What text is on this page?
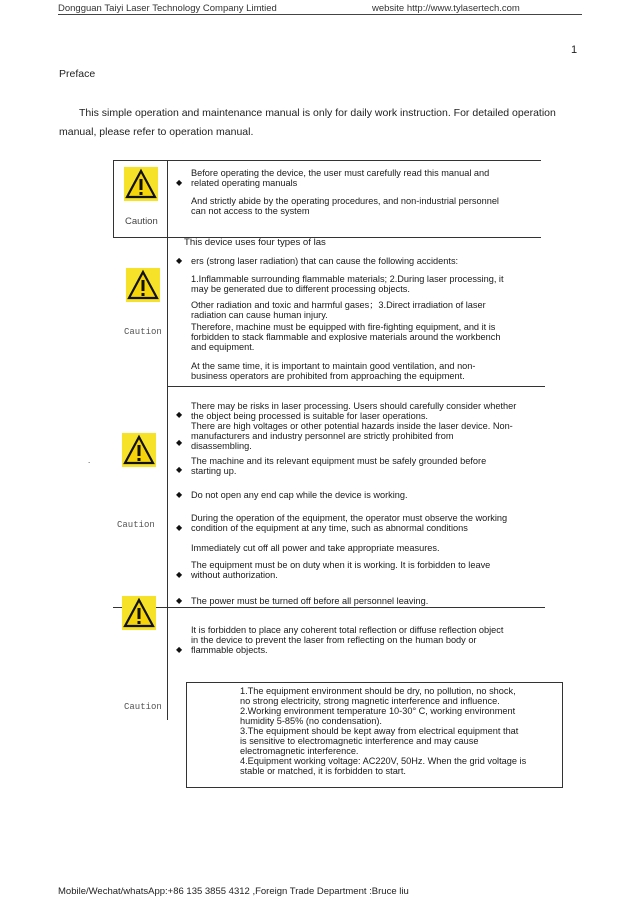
Dongguan Taiyi Laser Technology Company Limtied	website http://www.tylasertech.com
1
Preface

This simple operation and maintenance manual is only for daily work instruction. For detailed operation manual, please refer to operation manual.

Caution
Caution
Caution
Caution
.
◆
Before operating the device, the user must carefully read this manual and
related operating manuals
And strictly abide by the operating procedures, and non-industrial personnel
can not access to the system
This device uses four types of las
◆ ers (strong laser radiation) that can cause the following accidents:
1.Inflammable surrounding flammable materials; 2.During laser processing, it
may be generated due to different processing objects.
Other radiation and toxic and harmful gases；3.Direct irradiation of laser
radiation can cause human injury.
Therefore, machine must be equipped with fire-fighting equipment, and it is
forbidden to stack flammable and explosive materials around the workbench
and equipment.
At the same time, it is important to maintain good ventilation, and non-
business operators are prohibited from approaching the equipment.
◆
◆
◆
◆
◆
◆
◆
There may be risks in laser processing. Users should carefully consider whether
the object being processed is suitable for laser operations.
There are high voltages or other potential hazards inside the laser device. Non-
manufacturers and industry personnel are strictly prohibited from
disassembling.
The machine and its relevant equipment must be safely grounded before
starting up.
Do not open any end cap while the device is working.
During the operation of the equipment, the operator must observe the working
condition of the equipment at any time, such as abnormal conditions
Immediately cut off all power and take appropriate measures.
The equipment must be on duty when it is working. It is forbidden to leave
without authorization.
The power must be turned off before all personnel leaving.
◆
It is forbidden to place any coherent total reflection or diffuse reflection object
in the device to prevent the laser from reflecting on the human body or
flammable objects.
1.The equipment environment should be dry, no pollution, no shock,
no strong electricity, strong magnetic interference and influence.
2.Working environment temperature 10-30° C, working environment
humidity 5-85% (no condensation).
3.The equipment should be kept away from electrical equipment that
is sensitive to electromagnetic interference and may cause
electromagnetic interference.
4.Equipment working voltage: AC220V, 50Hz. When the grid voltage is
stable or matched, it is forbidden to start.
Mobile/Wechat/whatsApp:+86 135 3855 4312 ,Foreign Trade Department :Bruce liu
